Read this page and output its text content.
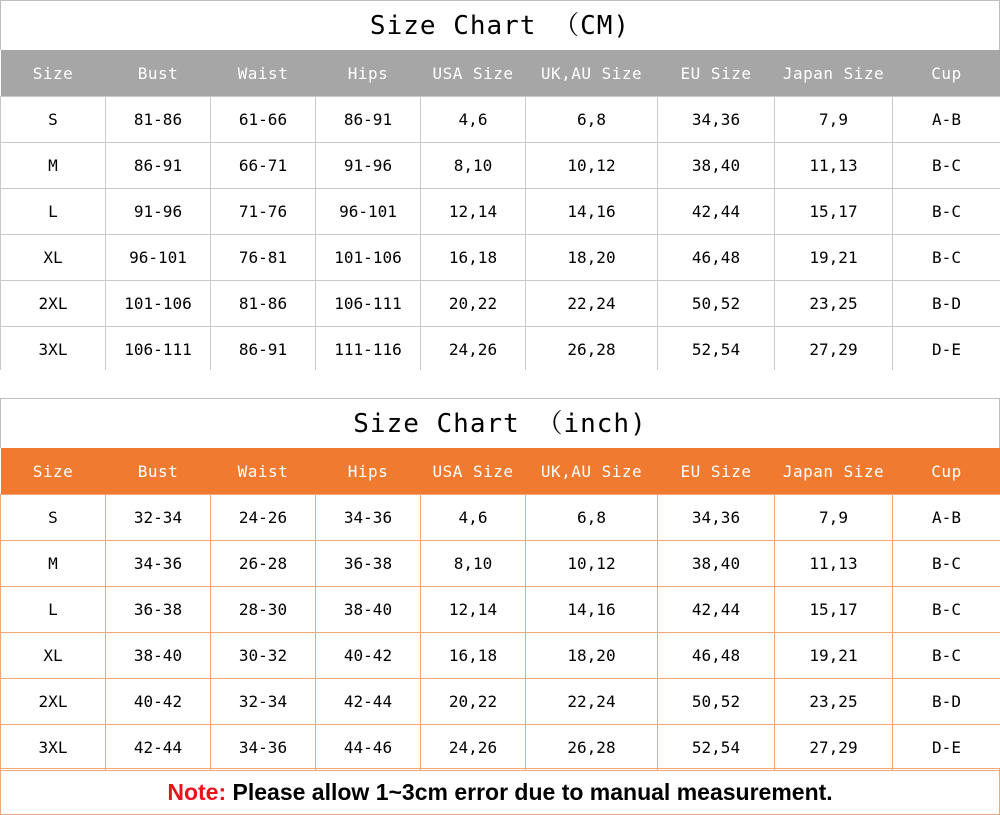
Size Chart （CM)
Size	Bust	Waist	Hips	USA Size	UK,AU Size	EU Size	Japan Size	Cup
S	81-86	61-66	86-91	4,6	6,8	34,36	7,9	A-B
M	86-91	66-71	91-96	8,10	10,12	38,40	11,13	B-C
L	91-96	71-76	96-101	12,14	14,16	42,44	15,17	B-C
XL	96-101	76-81	101-106	16,18	18,20	46,48	19,21	B-C
2XL	101-106	81-86	106-111	20,22	22,24	50,52	23,25	B-D
3XL	106-111	86-91	111-116	24,26	26,28	52,54	27,29	D-E
Size Chart （inch)
Size	Bust	Waist	Hips	USA Size	UK,AU Size	EU Size	Japan Size	Cup
S	32-34	24-26	34-36	4,6	6,8	34,36	7,9	A-B
M	34-36	26-28	36-38	8,10	10,12	38,40	11,13	B-C
L	36-38	28-30	38-40	12,14	14,16	42,44	15,17	B-C
XL	38-40	30-32	40-42	16,18	18,20	46,48	19,21	B-C
2XL	40-42	32-34	42-44	20,22	22,24	50,52	23,25	B-D
3XL	42-44	34-36	44-46	24,26	26,28	52,54	27,29	D-E
Note: Please allow 1~3cm error due to manual measurement.
